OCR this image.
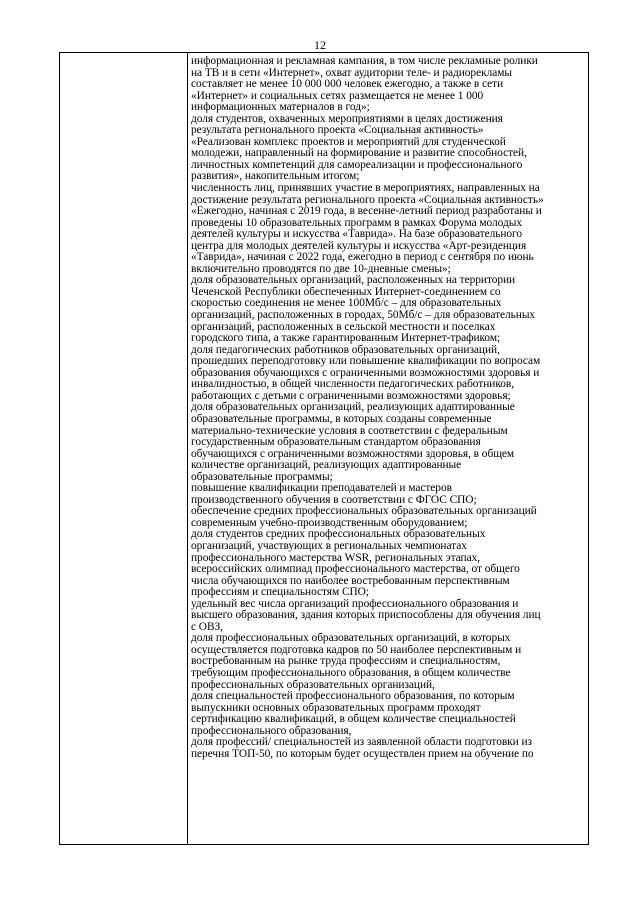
12
информационная и рекламная кампания, в том числе рекламные ролики
на ТВ и в сети «Интернет», охват аудитории теле- и радиорекламы
составляет не менее 10 000 000 человек ежегодно, а также в сети
«Интернет» и социальных сетях размещается не менее 1 000
информационных материалов в год»;
доля студентов, охваченных мероприятиями в целях достижения
результата регионального проекта «Социальная активность»
«Реализован комплекс проектов и мероприятий для студенческой
молодежи, направленный на формирование и развитие способностей,
личностных компетенций для самореализации и профессионального
развития», накопительным итогом;
численность лиц, принявших участие в мероприятиях, направленных на
достижение результата регионального проекта «Социальная активность»
«Ежегодно, начиная с 2019 года, в весенне-летний период разработаны и
проведены 10 образовательных программ в рамках Форума молодых
деятелей культуры и искусства «Таврида». На базе образовательного
центра для молодых деятелей культуры и искусства «Арт-резиденция
«Таврида», начиная с 2022 года, ежегодно в период с сентября по июнь
включительно проводятся по две 10-дневные смены»;
доля образовательных организаций, расположенных на территории
Чеченской Республики обеспеченных Интернет-соединением со
скоростью соединения не менее 100Мб/с – для образовательных
организаций, расположенных в городах, 50Мб/с – для образовательных
организаций, расположенных в сельской местности и поселках
городского типа, а также гарантированным Интернет-трафиком;
доля педагогических работников образовательных организаций,
прошедших переподготовку или повышение квалификации по вопросам
образования обучающихся с ограниченными возможностями здоровья и
инвалидностью, в общей численности педагогических работников,
работающих с детьми с ограниченными возможностями здоровья;
доля образовательных организаций, реализующих адаптированные
образовательные программы, в которых созданы современные
материально-технические условия в соответствии с федеральным
государственным образовательным стандартом образования
обучающихся с ограниченными возможностями здоровья, в общем
количестве организаций, реализующих адаптированные
образовательные программы;
повышение квалификации преподавателей и мастеров
производственного обучения в соответствии с ФГОС СПО;
обеспечение средних профессиональных образовательных организаций
современным учебно-производственным оборудованием;
доля студентов средних профессиональных образовательных
организаций, участвующих в региональных чемпионатах
профессионального мастерства WSR, региональных этапах,
всероссийских олимпиад профессионального мастерства, от общего
числа обучающихся по наиболее востребованным перспективным
профессиям и специальностям СПО;
удельный вес числа организаций профессионального образования и
высшего образования, здания которых приспособлены для обучения лиц
с ОВЗ,
доля профессиональных образовательных организаций, в которых
осуществляется подготовка кадров по 50 наиболее перспективным и
востребованным на рынке труда профессиям и специальностям,
требующим профессионального образования, в общем количестве
профессиональных образовательных организаций,
доля специальностей профессионального образования, по которым
выпускники основных образовательных программ проходят
сертификацию квалификаций, в общем количестве специальностей
профессионального образования,
доля профессий/ специальностей из заявленной области подготовки из
перечня ТОП-50, по которым будет осуществлен прием на обучение по
